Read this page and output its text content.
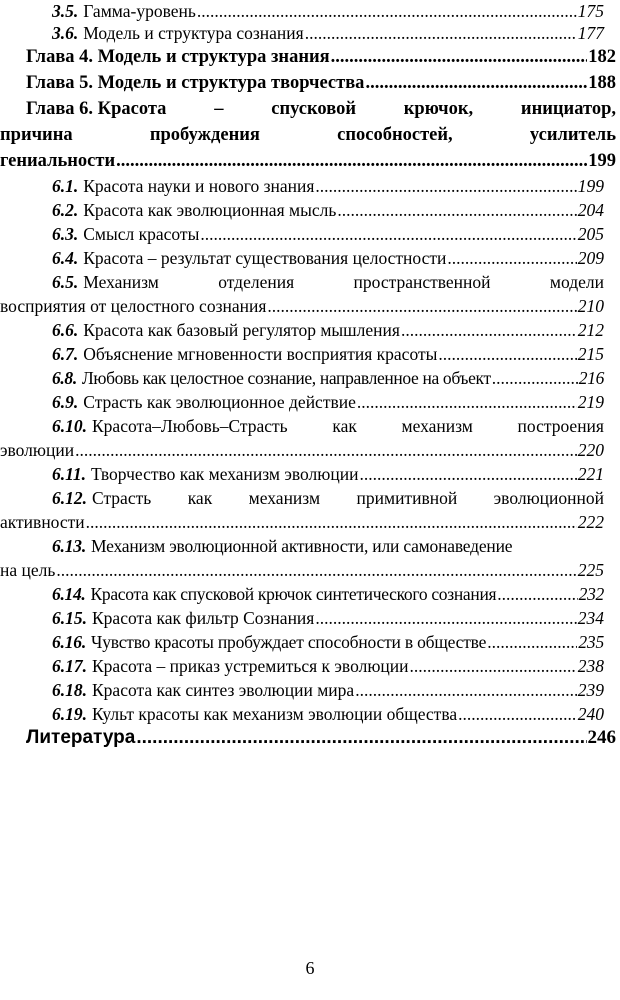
3.5. Гамма-уровень .....	175
3.6. Модель и структура сознания .....	177
Глава 4. Модель и структура знания .....	182
Глава 5. Модель и структура творчества .....	188
Глава 6. Красота	–	спусковой	крючок,	инициатор,
причина	пробуждения	способностей,	усилитель
гениальности .....	199
6.1. Красота науки и нового знания .....	199
6.2. Красота как эволюционная мысль .....	204
6.3. Смысл красоты .....	205
6.4. Красота – результат существования целостности .....	209
6.5. Механизм	отделения	пространственной	модели
восприятия от целостного сознания .....	210
6.6. Красота как базовый регулятор мышления .....	212
6.7. Объяснение мгновенности восприятия красоты .....	215
6.8. Любовь как целостное сознание, направленное на объект .....	216
6.9. Страсть как эволюционное действие .....	219
6.10. Красота–Любовь–Страсть	как	механизм	построения
эволюции .....	220
6.11. Творчество как механизм эволюции .....	221
6.12. Страсть как механизм примитивной эволюционной
активности .....	222
6.13. Механизм эволюционной активности, или самонаведение
на цель .....	225
6.14. Красота как спусковой крючок синтетического сознания .....	232
6.15. Красота как фильтр Сознания .....	234
6.16. Чувство красоты пробуждает способности в обществе .....	235
6.17. Красота – приказ устремиться к эволюции .....	238
6.18. Красота как синтез эволюции мира .....	239
6.19. Культ красоты как механизм эволюции общества .....	240
Литература .....	246
6
